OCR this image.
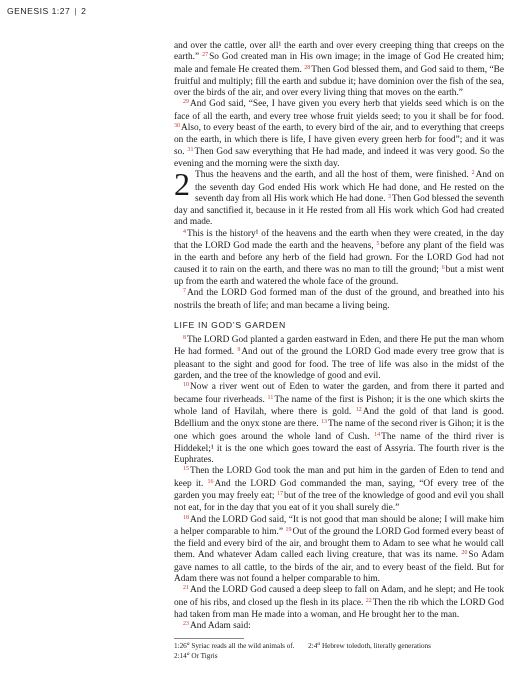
GENESIS 1:27 | 2

and over the cattle, over all¹ the earth and over every creeping thing that creeps on the earth.” $^{27}$So God created man in His own image; in the image of God He created him; male and female He created them. $^{28}$Then God blessed them, and God said to them, “Be fruitful and multiply; fill the earth and subdue it; have dominion over the fish of the sea, over the birds of the air, and over every living thing that moves on the earth.”

$^{29}$And God said, “See, I have given you every herb that yields seed which is on the face of all the earth, and every tree whose fruit yields seed; to you it shall be for food. $^{30}$Also, to every beast of the earth, to every bird of the air, and to everything that creeps on the earth, in which there is life, I have given every green herb for food”; and it was so. $^{31}$Then God saw everything that He had made, and indeed it was very good. So the evening and the morning were the sixth day.

2 Thus the heavens and the earth, and all the host of them, were finished. $^2$And on the seventh day God ended His work which He had done, and He rested on the seventh day from all His work which He had done. $^3$Then God blessed the seventh day and sanctified it, because in it He rested from all His work which God had created and made.

$^4$This is the history¹ of the heavens and the earth when they were created, in the day that the LORD God made the earth and the heavens, $^5$before any plant of the field was in the earth and before any herb of the field had grown. For the LORD God had not caused it to rain on the earth, and there was no man to till the ground; $^6$but a mist went up from the earth and watered the whole face of the ground.

$^7$And the LORD God formed man of the dust of the ground, and breathed into his nostrils the breath of life; and man became a living being.

LIFE IN GOD’S GARDEN

$^8$The LORD God planted a garden eastward in Eden, and there He put the man whom He had formed. $^9$And out of the ground the LORD God made every tree grow that is pleasant to the sight and good for food. The tree of life was also in the midst of the garden, and the tree of the knowledge of good and evil.

$^{10}$Now a river went out of Eden to water the garden, and from there it parted and became four riverheads. $^{11}$The name of the first is Pishon; it is the one which skirts the whole land of Havilah, where there is gold. $^{12}$And the gold of that land is good. Bdellium and the onyx stone are there. $^{13}$The name of the second river is Gihon; it is the one which goes around the whole land of Cush. $^{14}$The name of the third river is Hiddekel;¹ it is the one which goes toward the east of Assyria. The fourth river is the Euphrates.

$^{15}$Then the LORD God took the man and put him in the garden of Eden to tend and keep it. $^{16}$And the LORD God commanded the man, saying, “Of every tree of the garden you may freely eat; $^{17}$but of the tree of the knowledge of good and evil you shall not eat, for in the day that you eat of it you shall surely die.”

$^{18}$And the LORD God said, “It is not good that man should be alone; I will make him a helper comparable to him.” $^{19}$Out of the ground the LORD God formed every beast of the field and every bird of the air, and brought them to Adam to see what he would call them. And whatever Adam called each living creature, that was its name. $^{20}$So Adam gave names to all cattle, to the birds of the air, and to every beast of the field. But for Adam there was not found a helper comparable to him.

$^{21}$And the LORD God caused a deep sleep to fall on Adam, and he slept; and He took one of his ribs, and closed up the flesh in its place. $^{22}$Then the rib which the LORD God had taken from man He made into a woman, and He brought her to the man.

$^{23}$And Adam said:

1:26$^a$ Syriac reads all the wild animals of. 2:4$^a$ Hebrew toledoth, literally generations
2:14$^a$ Or Tigris
